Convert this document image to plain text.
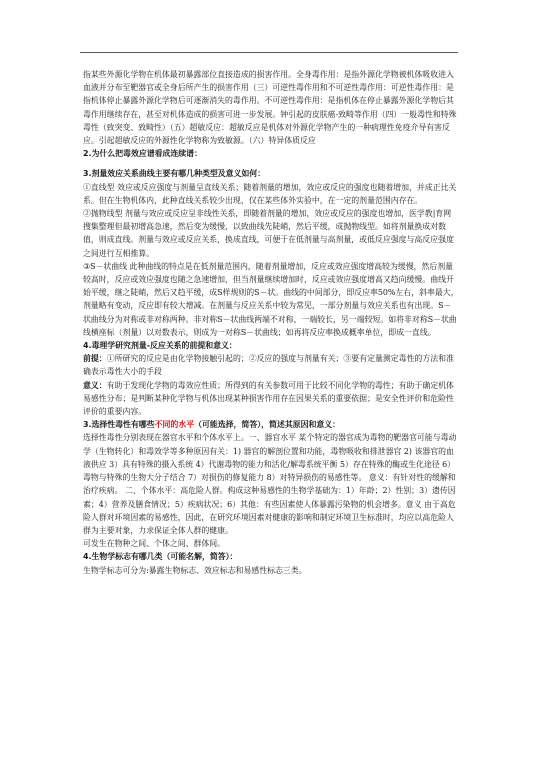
指某些外源化学物在机体最初暴露部位直接造成的损害作用。全身毒作用：是指外源化学物被机体吸收进入血液并分布至靶器官或全身后所产生的损害作用（三）可逆性毒作用和不可逆性毒作用：可逆性毒作用：是指机体停止暴露外源化学物后可逐渐消失的毒作用。不可逆性毒作用：是指机体在停止暴露外源化学物后其毒作用继续存在，甚至对机体造成的损害可进一步发展。钟引起的皮肤癌-致畸等作用（四）一般毒性和特殊毒性（致突变、致畸性）（五）超敏反应：超敏反应是机体对外源化学物产生的一种病理性免疫介导有害反应。引起超敏反应的外源性化学物称为致敏源。（六）特异体质反应

2.为什么把毒效应谱看成连续谱：

3.剂量效应关系曲线主要有哪几种类型及意义如何：

①直线型 效应或反应强度与剂量呈直线关系；随着剂量的增加，效应或反应的强度也随着增加，并成正比关系。但在生物机体内，此种直线关系较少出现，仅在某些体外实验中，在一定的剂量范围内存在。

②抛物线型 剂量与效应或反应呈非线性关系，即随着剂量的增加，效应或反应的强度也增加，医学教|育网搜集整理但最初增高急速，然后变为缓慢，以致曲线先陡峭，然后平缓，成抛物线型。如将剂量换成对数值，则成直线。剂量与效应或反应关系，换成直线，可便于在低剂量与高剂量，或低反应强度与高反应强度之间进行互相推算。

③S－状曲线 此种曲线的特点是在低剂量范围内，随着剂量增加，反应或效应强度增高较为缓慢，然后剂量较高时，反应或效应强度也随之急速增加，但当剂量继续增加时，反应或效应强度增高又趋向缓慢。曲线开始平缓，继之陡峭，然后又趋平缓，成S样规则的S－状。曲线的中间部分，即反应率50%左右，斜率最大，剂量略有变动，反应即有较大增减。在剂量与反应关系中较为常见，一部分剂量与效应关系也有出现。S－状曲线分为对称或非对称两种。非对称S－状曲线两端不对称，一端较长，另一端较短。如将非对称S－状曲线横座标（剂量）以对数表示，则成为一对称S－状曲线；如再将反应率换成概率单位，即成一直线。

4.毒理学研究剂量-反应关系的前提和意义：

前提：①所研究的反应是由化学物接触引起的；②反应的强度与剂量有关；③要有定量测定毒性的方法和准确表示毒性大小的手段

意义：有助于发现化学物的毒效应性质；所得到的有关参数可用于比较不同化学物的毒性；有助于确定机体易感性分布；是判断某种化学物与机体出现某种损害作用存在因果关系的重要依据；是安全性评价和危险性评价的重要内容。

3.选择性毒性有哪些不同的水平（可能选择，简答），简述其原因和意义：

选择性毒性分别表现在器官水平和个体水平上。一、器官水平 某个特定的器官成为毒物的靶器官可能与毒动学（生物转化）和毒效学等多种原因有关：1) 器官的解剖位置和功能，毒物吸收和排泄器官 2) 该器官的血液供应 3）具有特殊的摄入系统 4）代谢毒物的能力和活化/解毒系统平衡 5）存在特殊的酶或生化途径 6） 毒物与特殊的生物大分子结合 7）对损伤的修复能力 8）对特异损伤的易感性等。 意义：有针对性的缓解和治疗疾病。 二、个体水平：高危险人群。构成这种易感性的生物学基础为：1）年龄；2）性别；3）遗传因素；4）营养及膳食情况；5）疾病状况；6）其他：有些因素使人体暴露污染物的机会增多。意义 由于高危险人群对环境因素的易感性，因此，在研究环境因素对健康的影响和制定环境卫生标准时，均应以高危险人群为主要对象，力求保证全体人群的健康。

可发生在物种之间、个体之间、群体间。

4.生物学标志有哪几类（可能名解，简答）：

生物学标志可分为:暴露生物标志、效应标志和易感性标志三类。
